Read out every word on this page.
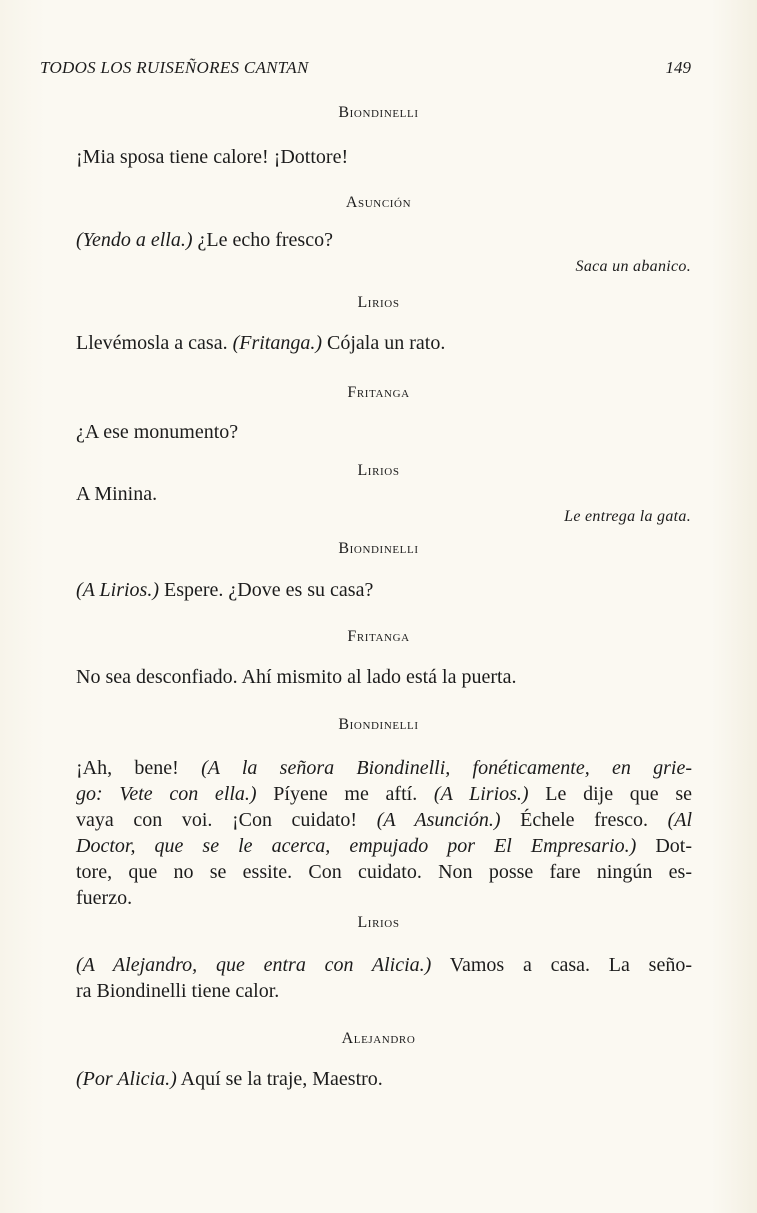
TODOS LOS RUISEÑORES CANTAN	149
Biondinelli
¡Mia sposa tiene calore! ¡Dottore!
Asunción
(Yendo a ella.) ¿Le echo fresco?
Saca un abanico.
Lirios
Llevémosla a casa. (Fritanga.) Cójala un rato.
Fritanga
¿A ese monumento?
Lirios
A Minina.
Le entrega la gata.
Biondinelli
(A Lirios.) Espere. ¿Dove es su casa?
Fritanga
No sea desconfiado. Ahí mismito al lado está la puerta.
Biondinelli
¡Ah, bene! (A la señora Biondinelli, fonéticamente, en grie-
go: Vete con ella.) Píyene me aftí. (A Lirios.) Le dije que se
vaya con voi. ¡Con cuidato! (A Asunción.) Échele fresco. (Al
Doctor, que se le acerca, empujado por El Empresario.) Dot-
tore, que no se essite. Con cuidato. Non posse fare ningún es-
fuerzo.
Lirios
(A Alejandro, que entra con Alicia.) Vamos a casa. La seño-
ra Biondinelli tiene calor.
Alejandro
(Por Alicia.) Aquí se la traje, Maestro.
